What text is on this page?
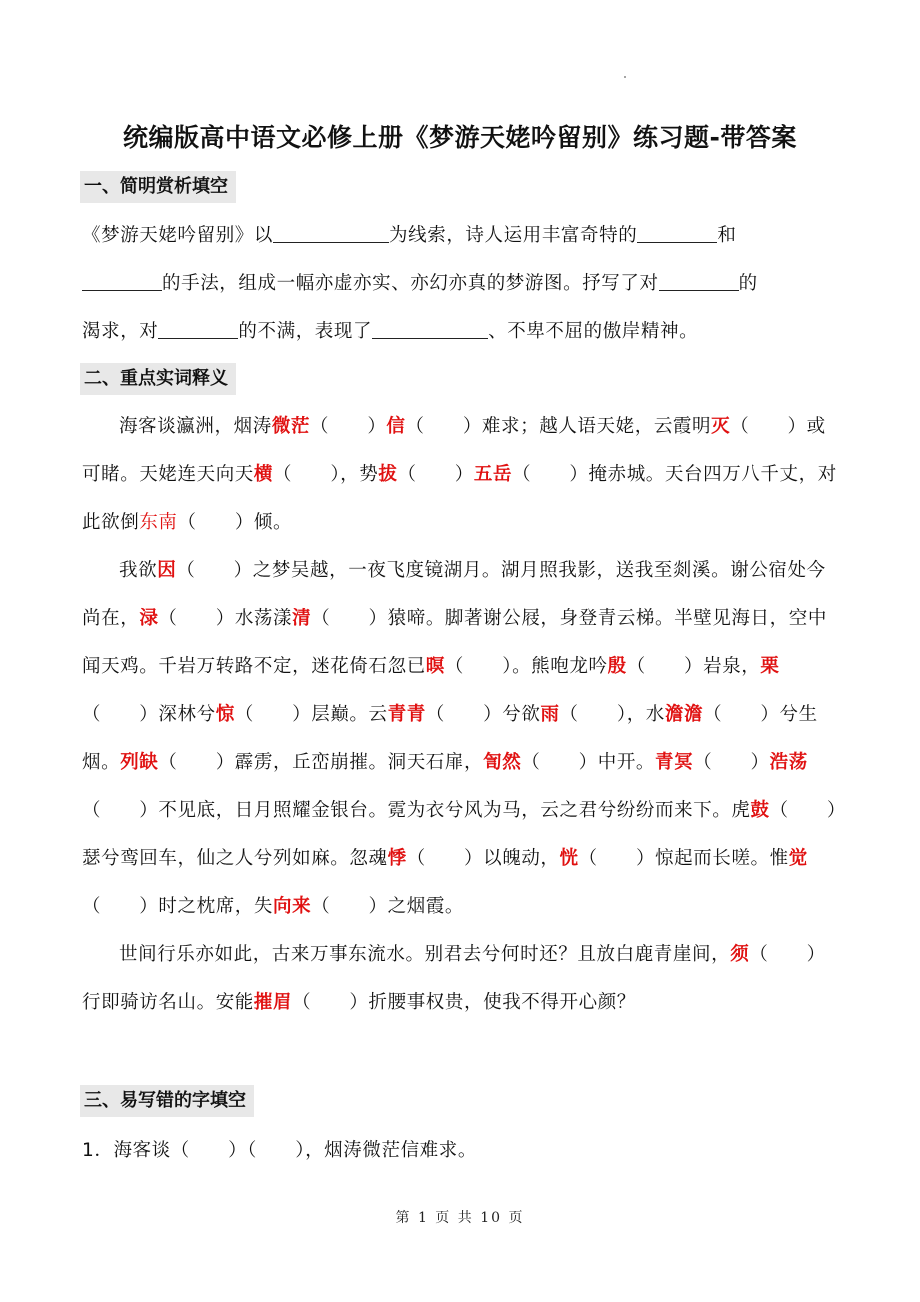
统编版高中语文必修上册《梦游天姥吟留别》练习题-带答案
一、简明赏析填空

《梦游天姥吟留别》以	为线索，诗人运用丰富奇特的	和
的手法，组成一幅亦虚亦实、亦幻亦真的梦游图。抒写了对	的
渴求，对	的不满，表现了	、不卑不屈的傲岸精神。

二、重点实词释义

海客谈瀛洲，烟涛微茫（　　）信（　　）难求；越人语天姥，云霞明灭（　　）或可睹。天姥连天向天横（　　），势拔（　　）五岳（　　）掩赤城。天台四万八千丈，对此欲倒东南（　　）倾。

我欲因（　　）之梦吴越，一夜飞度镜湖月。湖月照我影，送我至剡溪。谢公宿处今尚在，渌（　　）水荡漾清（　　）猿啼。脚著谢公屐，身登青云梯。半壁见海日，空中闻天鸡。千岩万转路不定，迷花倚石忽已暝（　　）。熊咆龙吟殷（　　）岩泉，栗（　　）深林兮惊（　　）层巅。云青青（　　）兮欲雨（　　），水澹澹（　　）兮生烟。列缺（　　）霹雳，丘峦崩摧。洞天石扉，訇然（　　）中开。青冥（　　）浩荡（　　）不见底，日月照耀金银台。霓为衣兮风为马，云之君兮纷纷而来下。虎鼓（　　）瑟兮鸾回车，仙之人兮列如麻。忽魂悸（　　）以魄动，恍（　　）惊起而长嗟。惟觉（　　）时之枕席，失向来（　　）之烟霞。

世间行乐亦如此，古来万事东流水。别君去兮何时还？且放白鹿青崖间，须（　　）行即骑访名山。安能摧眉（　　）折腰事权贵，使我不得开心颜？

三、易写错的字填空

1．海客谈（　　）（　　），烟涛微茫信难求。

第 1 页 共 10 页
